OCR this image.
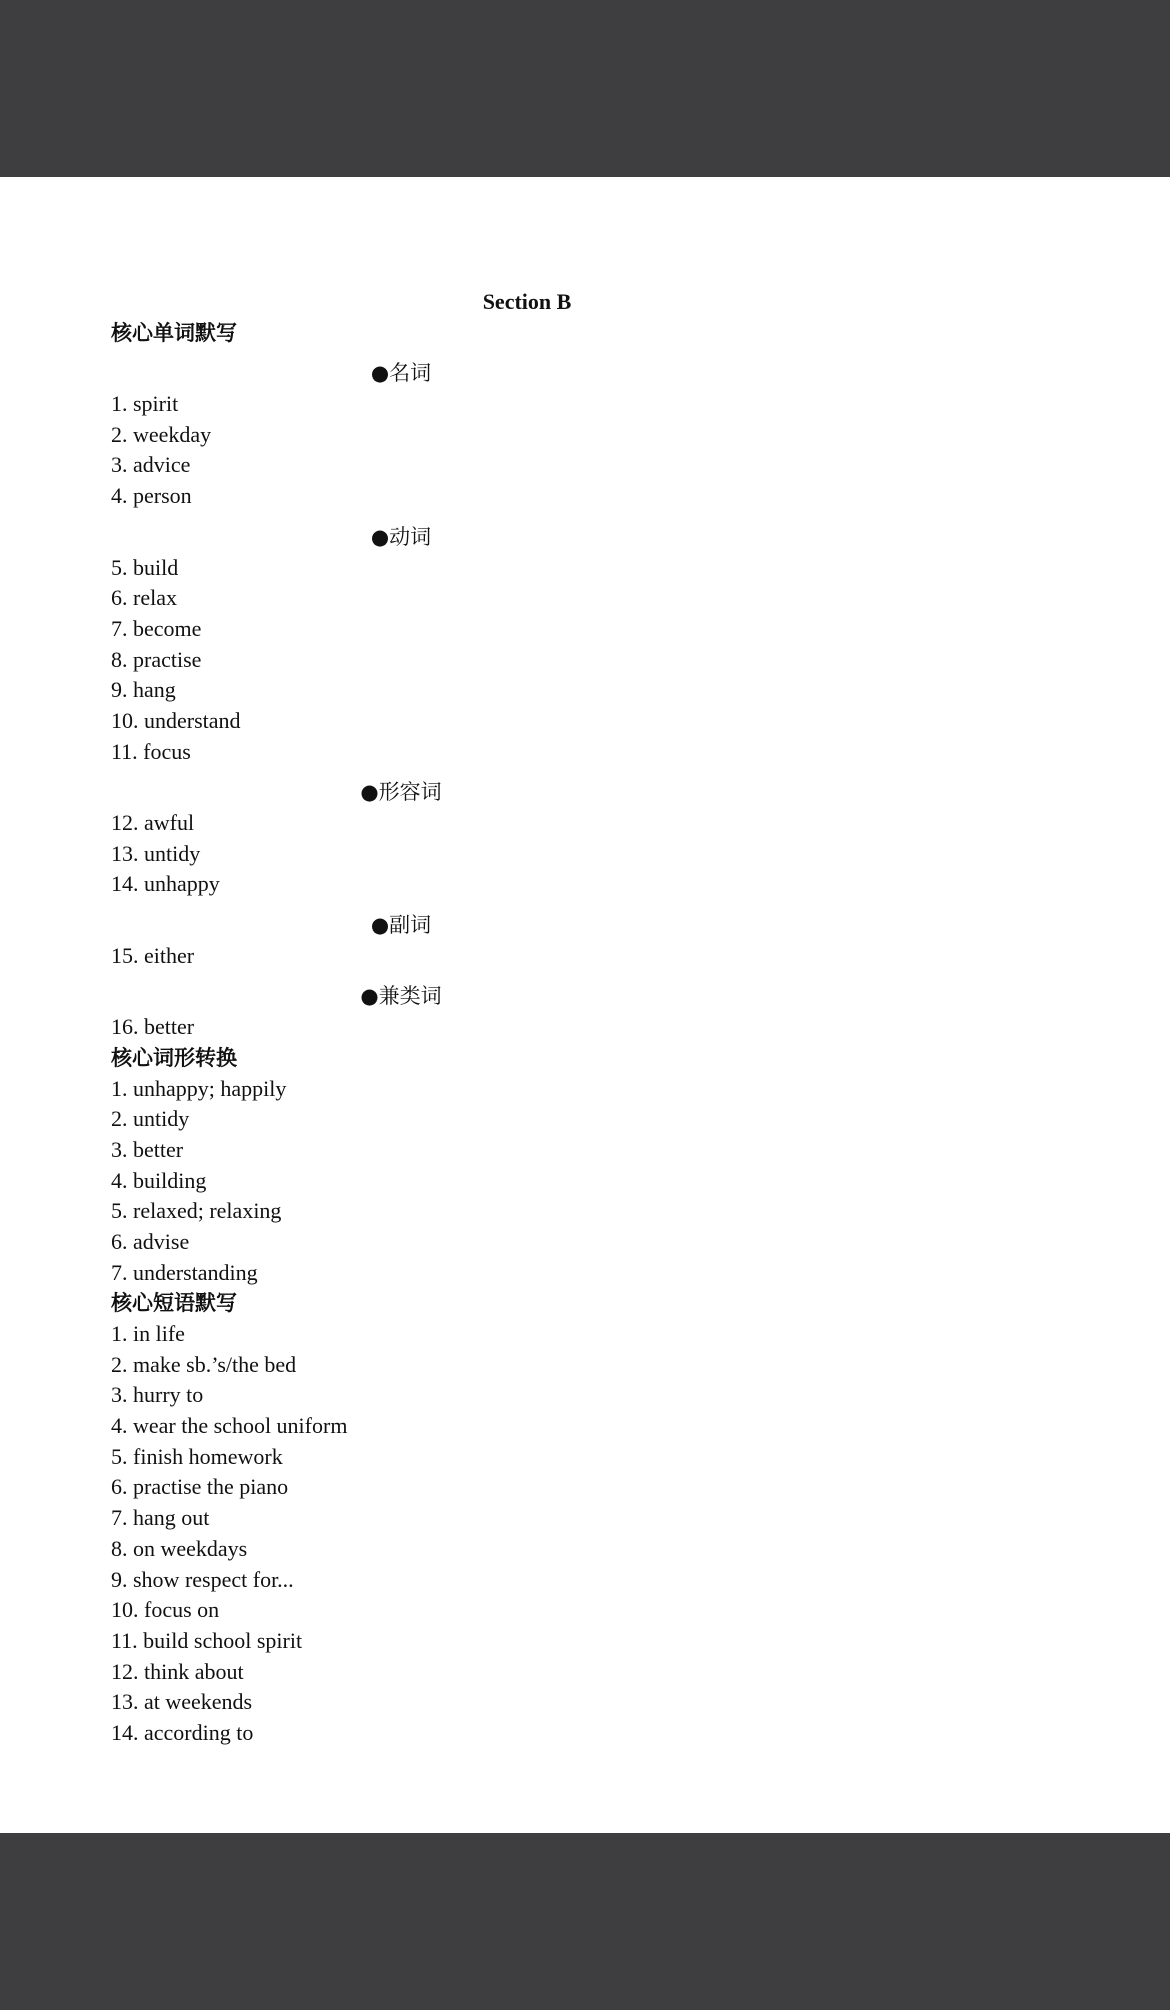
Section B
核心单词默写
●名词
1. spirit
2. weekday
3. advice
4. person
●动词
5. build
6. relax
7. become
8. practise
9. hang
10. understand
11. focus
●形容词
12. awful
13. untidy
14. unhappy
●副词
15. either
●兼类词
16. better
核心词形转换
1. unhappy; happily
2. untidy
3. better
4. building
5. relaxed; relaxing
6. advise
7. understanding
核心短语默写
1. in life
2. make sb.’s/the bed
3. hurry to
4. wear the school uniform
5. finish homework
6. practise the piano
7. hang out
8. on weekdays
9. show respect for...
10. focus on
11. build school spirit
12. think about
13. at weekends
14. according to
